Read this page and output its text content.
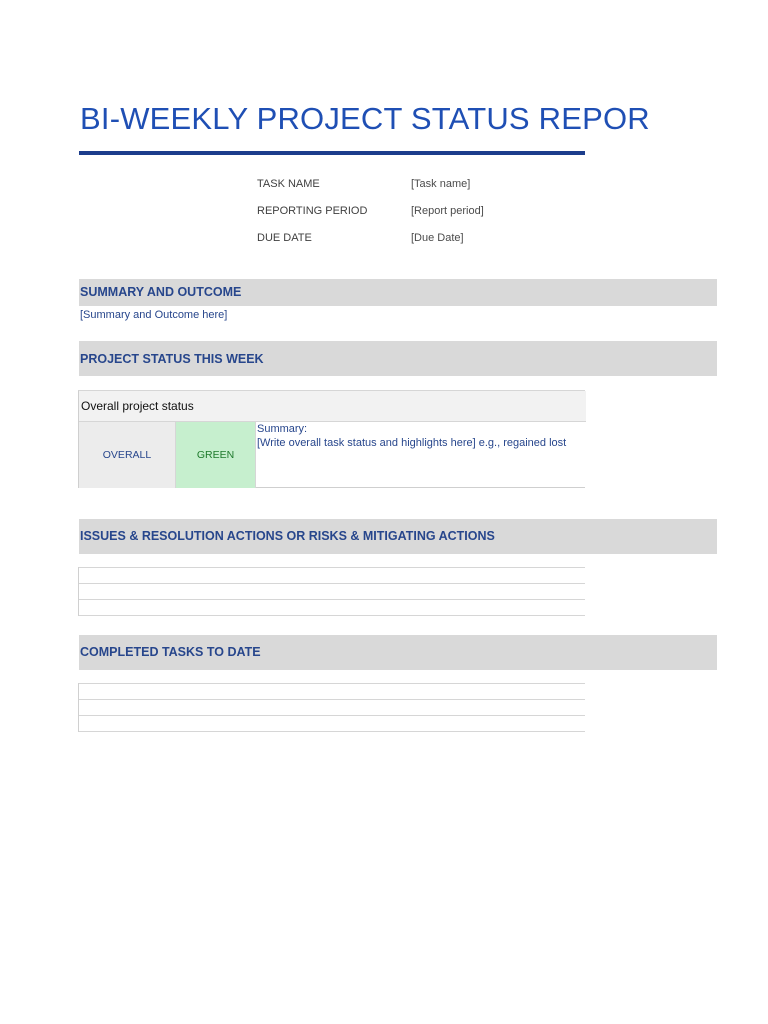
BI-WEEKLY PROJECT STATUS REPOR
TASK NAME	[Task name]
REPORTING PERIOD	[Report period]
DUE DATE	[Due Date]
SUMMARY AND OUTCOME
[Summary and Outcome here]
PROJECT STATUS THIS WEEK
Overall project status
OVERALL	GREEN
Summary:
[Write overall task status and highlights here] e.g., regained lost
ISSUES & RESOLUTION ACTIONS OR RISKS & MITIGATING ACTIONS
COMPLETED TASKS TO DATE
